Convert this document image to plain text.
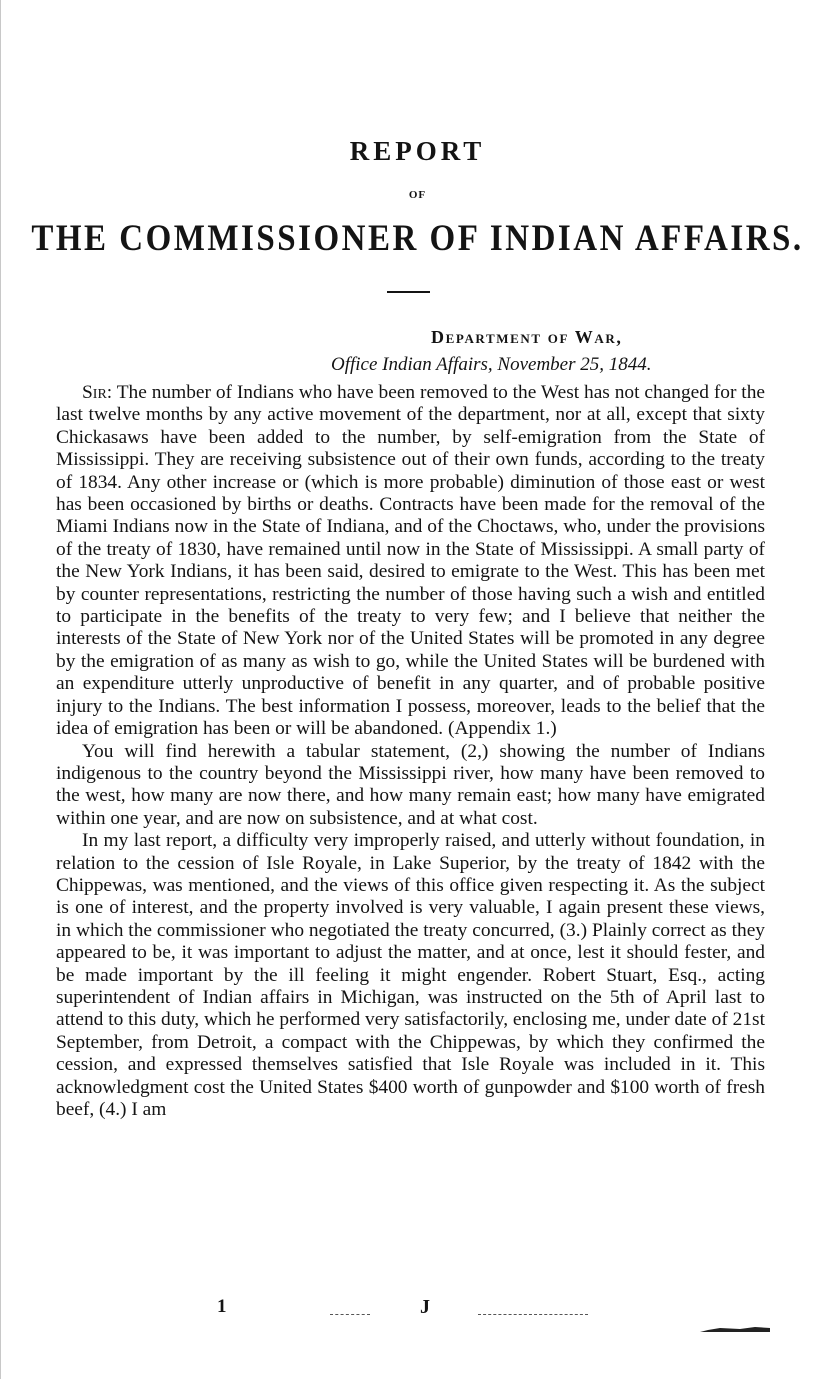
REPORT
OF
THE COMMISSIONER OF INDIAN AFFAIRS.
Department of War,
Office Indian Affairs, November 25, 1844.

Sir: The number of Indians who have been removed to the West has not changed for the last twelve months by any active movement of the department, nor at all, except that sixty Chickasaws have been added to the number, by self-emigration from the State of Mississippi. They are receiving subsistence out of their own funds, according to the treaty of 1834. Any other increase or (which is more probable) diminution of those east or west has been occasioned by births or deaths. Contracts have been made for the removal of the Miami Indians now in the State of Indiana, and of the Choctaws, who, under the provisions of the treaty of 1830, have remained until now in the State of Mississippi. A small party of the New York Indians, it has been said, desired to emigrate to the West. This has been met by counter representations, restricting the number of those having such a wish and entitled to participate in the benefits of the treaty to very few; and I believe that neither the interests of the State of New York nor of the United States will be promoted in any degree by the emigration of as many as wish to go, while the United States will be burdened with an expenditure utterly unproductive of benefit in any quarter, and of probable positive injury to the Indians. The best information I possess, moreover, leads to the belief that the idea of emigration has been or will be abandoned. (Appendix 1.)

You will find herewith a tabular statement, (2,) showing the number of Indians indigenous to the country beyond the Mississippi river, how many have been removed to the west, how many are now there, and how many remain east; how many have emigrated within one year, and are now on subsistence, and at what cost.

In my last report, a difficulty very improperly raised, and utterly without foundation, in relation to the cession of Isle Royale, in Lake Superior, by the treaty of 1842 with the Chippewas, was mentioned, and the views of this office given respecting it. As the subject is one of interest, and the property involved is very valuable, I again present these views, in which the commissioner who negotiated the treaty concurred, (3.) Plainly correct as they appeared to be, it was important to adjust the matter, and at once, lest it should fester, and be made important by the ill feeling it might engender. Robert Stuart, Esq., acting superintendent of Indian affairs in Michigan, was instructed on the 5th of April last to attend to this duty, which he performed very satisfactorily, enclosing me, under date of 21st September, from Detroit, a compact with the Chippewas, by which they confirmed the cession, and expressed themselves satisfied that Isle Royale was included in it. This acknowledgment cost the United States $400 worth of gunpowder and $100 worth of fresh beef, (4.) I am

1	J
